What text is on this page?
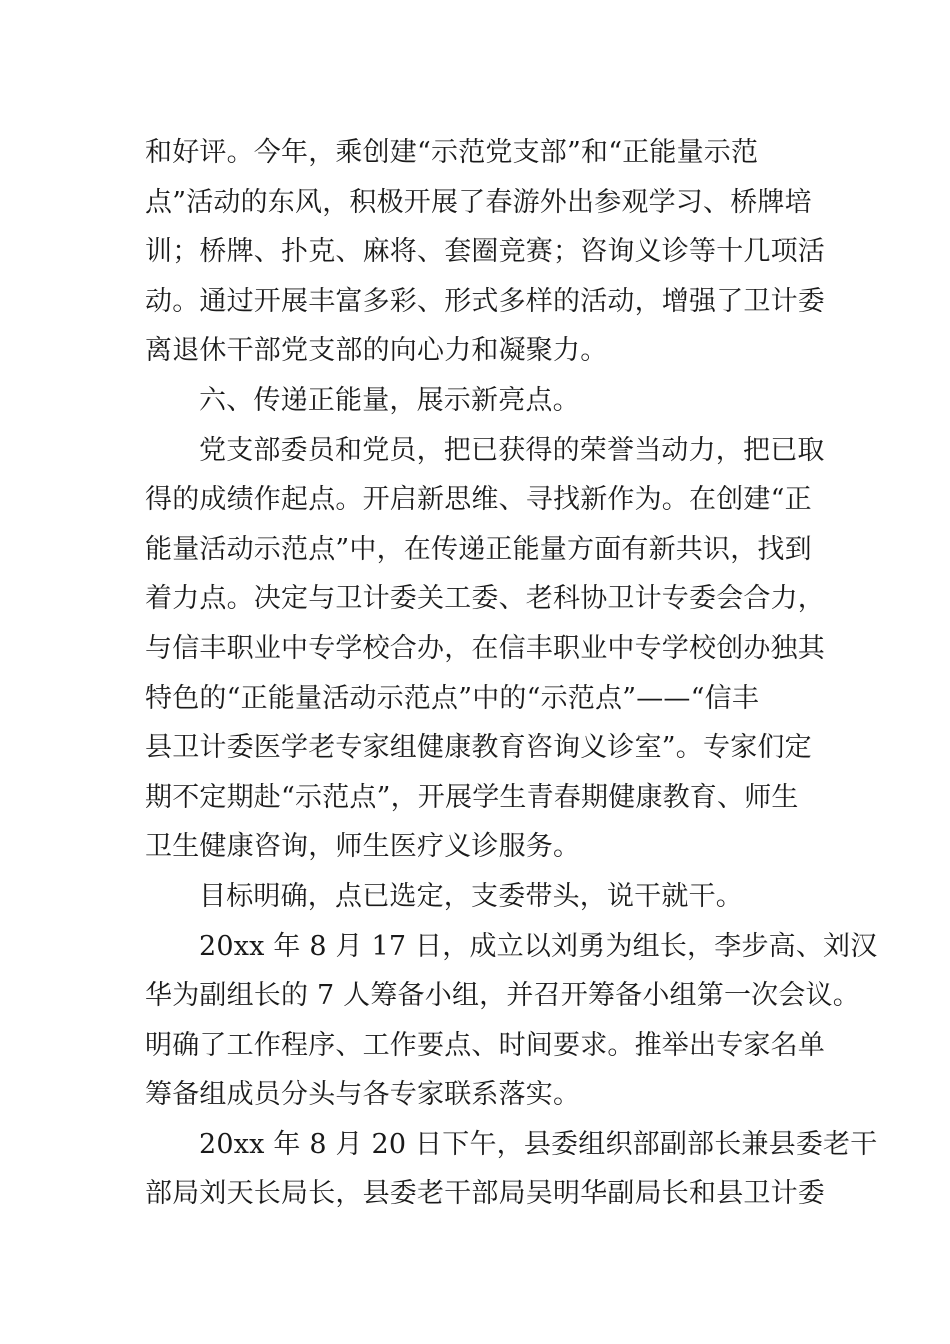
和好评。今年，乘创建“示范党支部”和“正能量示范
点”活动的东风，积极开展了春游外出参观学习、桥牌培
训；桥牌、扑克、麻将、套圈竞赛；咨询义诊等十几项活
动。通过开展丰富多彩、形式多样的活动，增强了卫计委
离退休干部党支部的向心力和凝聚力。
六、传递正能量，展示新亮点。
党支部委员和党员，把已获得的荣誉当动力，把已取
得的成绩作起点。开启新思维、寻找新作为。在创建“正
能量活动示范点”中，在传递正能量方面有新共识，找到
着力点。决定与卫计委关工委、老科协卫计专委会合力，
与信丰职业中专学校合办，在信丰职业中专学校创办独其
特色的“正能量活动示范点”中的“示范点”——“信丰
县卫计委医学老专家组健康教育咨询义诊室”。专家们定
期不定期赴“示范点”，开展学生青春期健康教育、师生
卫生健康咨询，师生医疗义诊服务。
目标明确，点已选定，支委带头，说干就干。
20xx 年 8 月 17 日，成立以刘勇为组长，李步高、刘汉
华为副组长的 7 人筹备小组，并召开筹备小组第一次会议。
明确了工作程序、工作要点、时间要求。推举出专家名单
筹备组成员分头与各专家联系落实。
20xx 年 8 月 20 日下午，县委组织部副部长兼县委老干
部局刘天长局长，县委老干部局吴明华副局长和县卫计委
